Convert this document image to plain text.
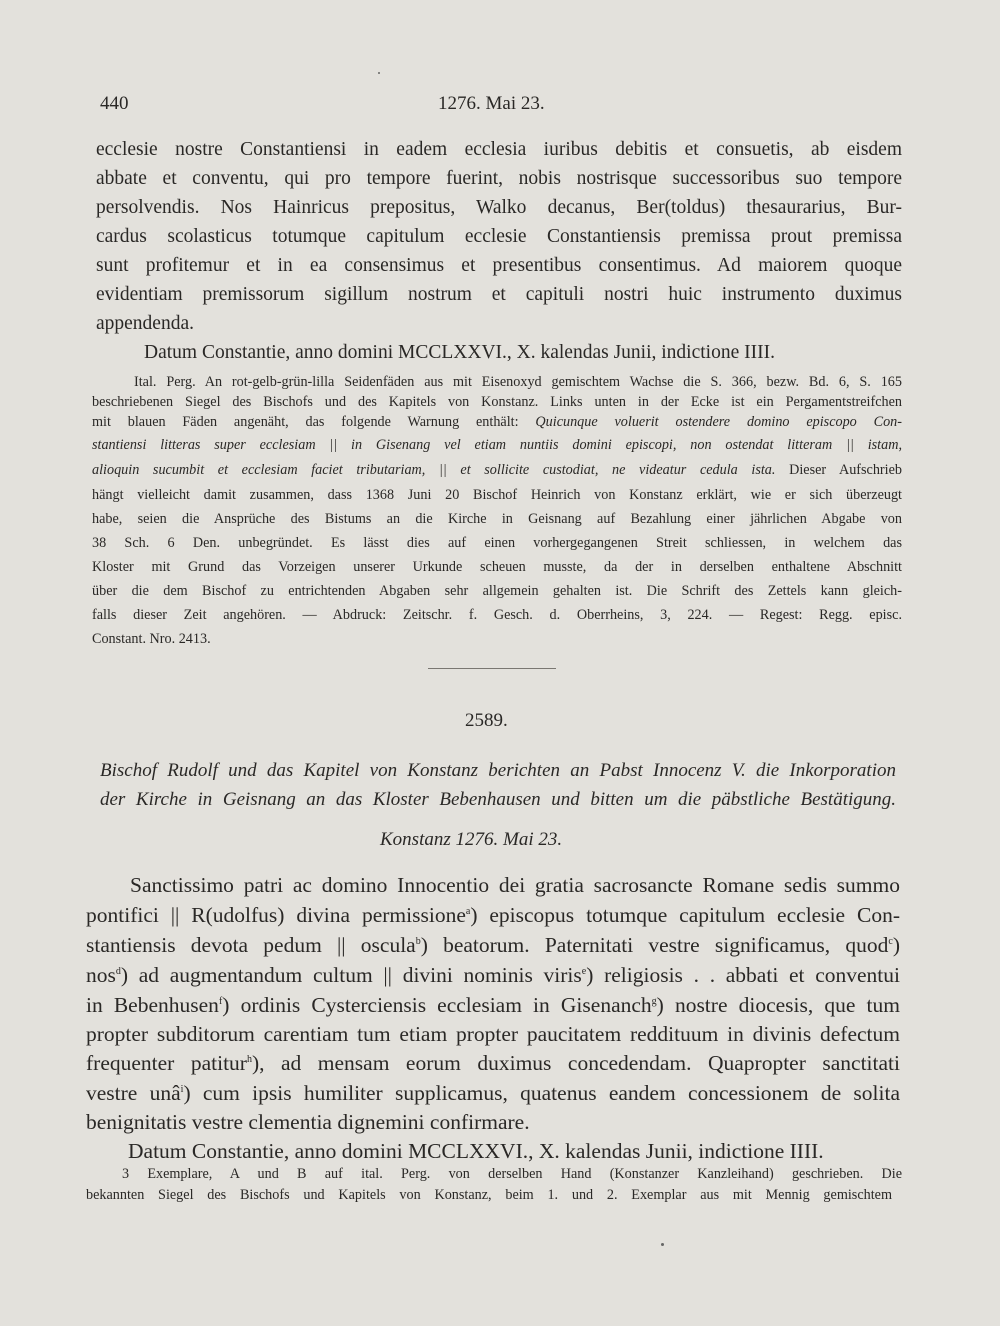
440	1276. Mai 23.

ecclesie nostre Constantiensi in eadem ecclesia iuribus debitis et consuetis, ab eisdem

abbate et conventu, qui pro tempore fuerint, nobis nostrisque successoribus suo tempore

persolvendis. Nos Hainricus prepositus, Walko decanus, Ber(toldus) thesaurarius, Bur-

cardus scolasticus totumque capitulum ecclesie Constantiensis premissa prout premissa

sunt profitemur et in ea consensimus et presentibus consentimus. Ad maiorem quoque

evidentiam premissorum sigillum nostrum et capituli nostri huic instrumento duximus

appendenda.

Datum Constantie, anno domini MCCLXXVI., X. kalendas Junii, indictione IIII.

Ital. Perg. An rot-gelb-grün-lilla Seidenfäden aus mit Eisenoxyd gemischtem Wachse die S. 366, bezw. Bd. 6, S. 165

beschriebenen Siegel des Bischofs und des Kapitels von Konstanz. Links unten in der Ecke ist ein Pergamentstreifchen

mit blauen Fäden angenäht, das folgende Warnung enthält: Quicunque voluerit ostendere domino episcopo Con-

stantiensi litteras super ecclesiam || in Gisenang vel etiam nuntiis domini episcopi, non ostendat litteram || istam,

alioquin sucumbit et ecclesiam faciet tributariam, || et sollicite custodiat, ne videatur cedula ista. Dieser Aufschrieb

hängt vielleicht damit zusammen, dass 1368 Juni 20 Bischof Heinrich von Konstanz erklärt, wie er sich überzeugt

habe, seien die Ansprüche des Bistums an die Kirche in Geisnang auf Bezahlung einer jährlichen Abgabe von

38 Sch. 6 Den. unbegründet. Es lässt dies auf einen vorhergegangenen Streit schliessen, in welchem das

Kloster mit Grund das Vorzeigen unserer Urkunde scheuen musste, da der in derselben enthaltene Abschnitt

über die dem Bischof zu entrichtenden Abgaben sehr allgemein gehalten ist. Die Schrift des Zettels kann gleich-

falls dieser Zeit angehören. — Abdruck: Zeitschr. f. Gesch. d. Oberrheins, 3, 224. — Regest: Regg. episc.

Constant. Nro. 2413.

2589.

Bischof Rudolf und das Kapitel von Konstanz berichten an Pabst Innocenz V. die Inkorporation

der Kirche in Geisnang an das Kloster Bebenhausen und bitten um die päbstliche Bestätigung.

Konstanz 1276. Mai 23.

Sanctissimo patri ac domino Innocentio dei gratia sacrosancte Romane sedis summo

pontifici || R(udolfus) divina permissione$^a$) episcopus totumque capitulum ecclesie Con-

stantiensis devota pedum || oscula$^b$) beatorum. Paternitati vestre significamus, quod$^c$)

nos$^d$) ad augmentandum cultum || divini nominis viris$^e$) religiosis . . abbati et conventui

in Bebenhusen$^f$) ordinis Cysterciensis ecclesiam in Gisenanch$^g$) nostre diocesis, que tum

propter subditorum carentiam tum etiam propter paucitatem reddituum in divinis defectum

frequenter patitur$^h$), ad mensam eorum duximus concedendam. Quapropter sanctitati

vestre unâ$^i$) cum ipsis humiliter supplicamus, quatenus eandem concessionem de solita

benignitatis vestre clementia dignemini confirmare.

Datum Constantie, anno domini MCCLXXVI., X. kalendas Junii, indictione IIII.

3 Exemplare, A und B auf ital. Perg. von derselben Hand (Konstanzer Kanzleihand) geschrieben. Die

bekannten Siegel des Bischofs und Kapitels von Konstanz, beim 1. und 2. Exemplar aus mit Mennig gemischtem
